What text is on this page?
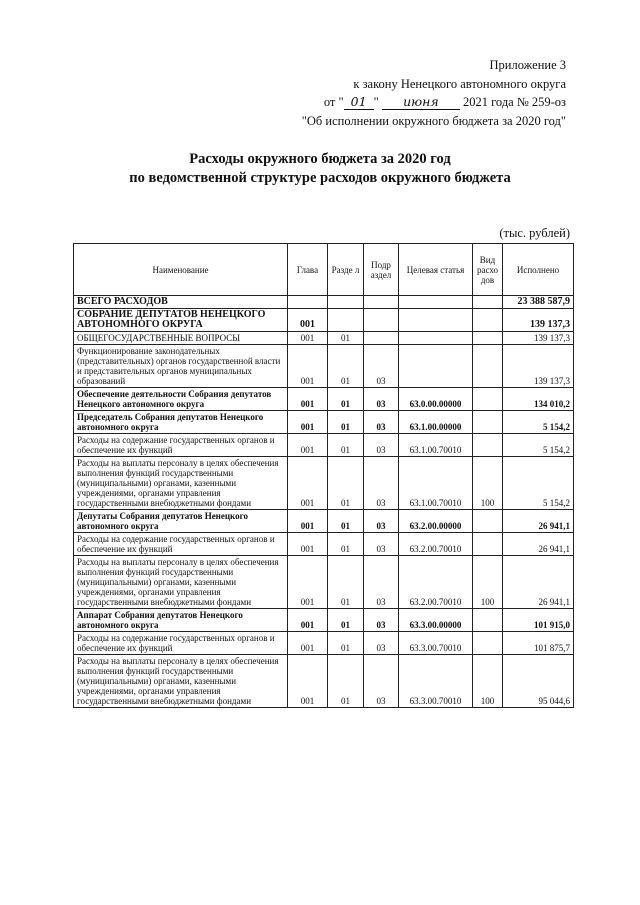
Приложение 3
к закону Ненецкого автономного округа
от " 01 " июня 2021 года № 259-оз
"Об исполнении окружного бюджета за 2020 год"
Расходы окружного бюджета за 2020 год
по ведомственной структуре расходов окружного бюджета
(тыс. рублей)
Наименование	Глава	Разде л	Подр аздел	Целевая статья	Вид расхо дов	Исполнено
ВСЕГО РАСХОДОВ						23 388 587,9
СОБРАНИЕ ДЕПУТАТОВ НЕНЕЦКОГО АВТОНОМНОГО ОКРУГА	001					139 137,3
ОБЩЕГОСУДАРСТВЕННЫЕ ВОПРОСЫ	001	01				139 137,3
Функционирование законодательных (представительных) органов государственной власти и представительных органов муниципальных образований	001	01	03			139 137,3
Обеспечение деятельности Собрания депутатов Ненецкого автономного округа	001	01	03	63.0.00.00000		134 010,2
Председатель Собрания депутатов Ненецкого автономного округа	001	01	03	63.1.00.00000		5 154,2
Расходы на содержание государственных органов и обеспечение их функций	001	01	03	63.1.00.70010		5 154,2
Расходы на выплаты персоналу в целях обеспечения выполнения функций государственными (муниципальными) органами, казенными учреждениями, органами управления государственными внебюджетными фондами	001	01	03	63.1.00.70010	100	5 154,2
Депутаты Собрания депутатов Ненецкого автономного округа	001	01	03	63.2.00.00000		26 941,1
Расходы на содержание государственных органов и обеспечение их функций	001	01	03	63.2.00.70010		26 941,1
Расходы на выплаты персоналу в целях обеспечения выполнения функций государственными (муниципальными) органами, казенными учреждениями, органами управления государственными внебюджетными фондами	001	01	03	63.2.00.70010	100	26 941,1
Аппарат Собрания депутатов Ненецкого автономного округа	001	01	03	63.3.00.00000		101 915,0
Расходы на содержание государственных органов и обеспечение их функций	001	01	03	63.3.00.70010		101 875,7
Расходы на выплаты персоналу в целях обеспечения выполнения функций государственными (муниципальными) органами, казенными учреждениями, органами управления государственными внебюджетными фондами	001	01	03	63.3.00.70010	100	95 044,6
